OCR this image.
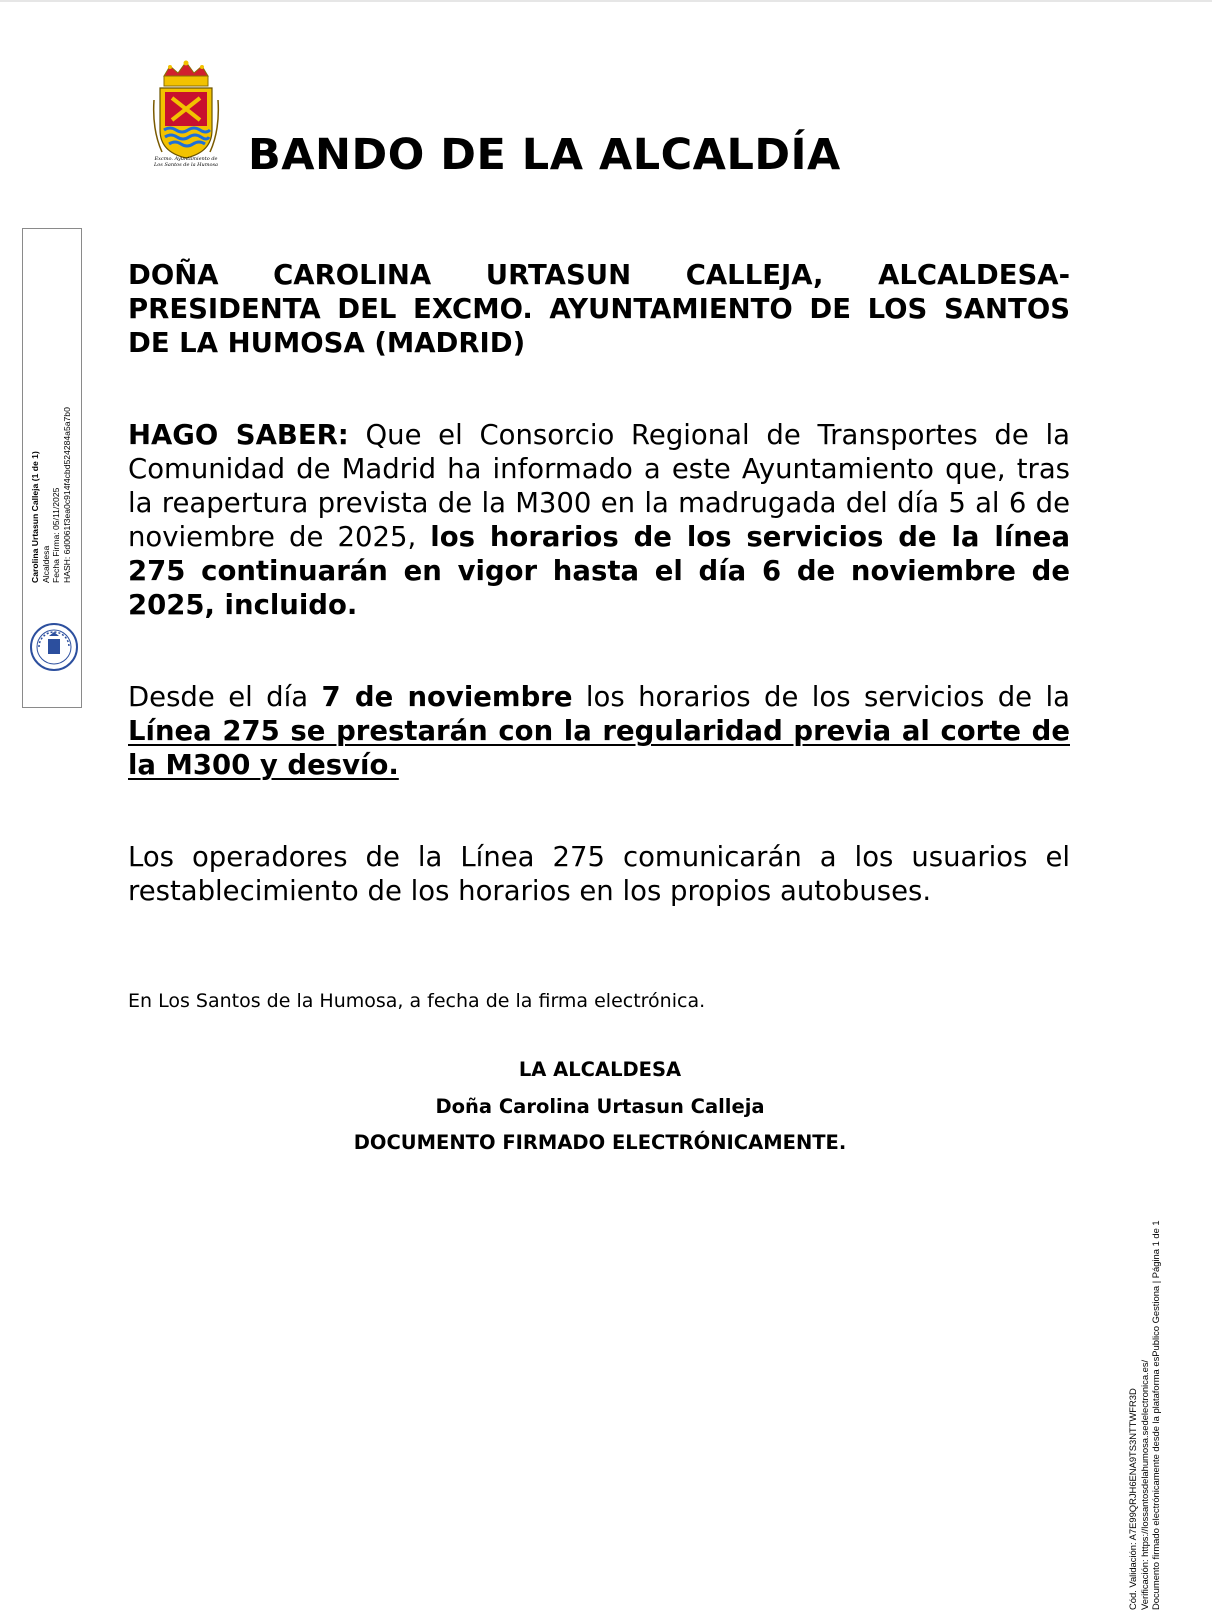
Excmo. Ayuntamiento de
Los Santos de la Humosa BANDO DE LA ALCALDÍA
Carolina Urtasun Calleja (1 de 1) Alcaldesa Fecha Firma: 05/11/2025 HASH: 6d0061f3ea0c914f4cbd524284a5a7b0
Cód. Validación: A7E99QRJH6ENA9TS3NTTWFR3D Verificación: https://lossantosdelahumosa.sedelectronica.es/ Documento firmado electrónicamente desde la plataforma esPublico Gestiona | Página 1 de 1

DOÑA CAROLINA URTASUN CALLEJA, ALCALDESA-PRESIDENTA DEL EXCMO. AYUNTAMIENTO DE LOS SANTOS DE LA HUMOSA (MADRID)

HAGO SABER: Que el Consorcio Regional de Transportes de la Comunidad de Madrid ha informado a este Ayuntamiento que, tras la reapertura prevista de la M300 en la madrugada del día 5 al 6 de noviembre de 2025, los horarios de los servicios de la línea 275 continuarán en vigor hasta el día 6 de noviembre de 2025, incluido.

Desde el día 7 de noviembre los horarios de los servicios de la Línea 275 se prestarán con la regularidad previa al corte de la M300 y desvío.

Los operadores de la Línea 275 comunicarán a los usuarios el restablecimiento de los horarios en los propios autobuses.

En Los Santos de la Humosa, a fecha de la firma electrónica.

LA ALCALDESA

Doña Carolina Urtasun Calleja

DOCUMENTO FIRMADO ELECTRÓNICAMENTE.
